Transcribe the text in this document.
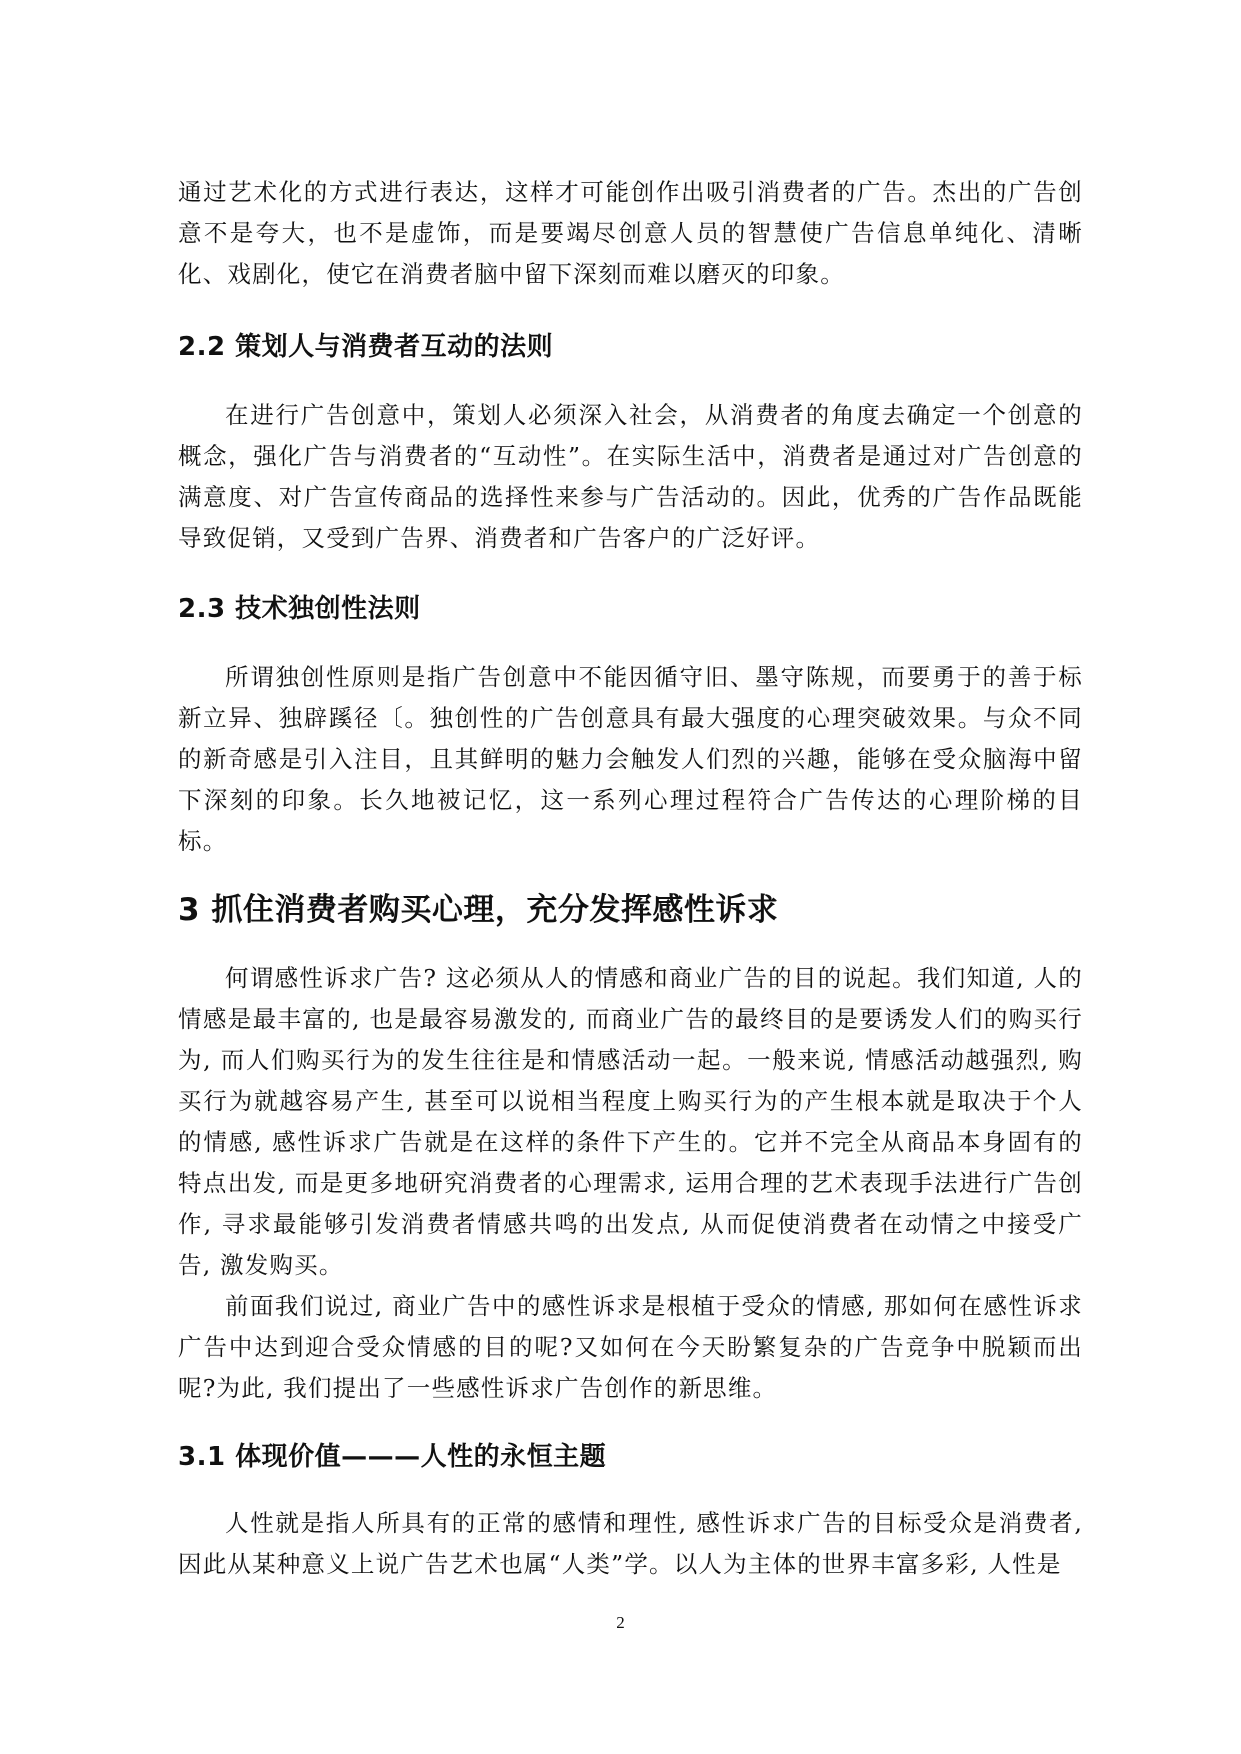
通过艺术化的方式进行表达，这样才可能创作出吸引消费者的广告。杰出的广告创意不是夸大，也不是虚饰，而是要竭尽创意人员的智慧使广告信息单纯化、清晰化、戏剧化，使它在消费者脑中留下深刻而难以磨灭的印象。

2.2 策划人与消费者互动的法则

在进行广告创意中，策划人必须深入社会，从消费者的角度去确定一个创意的概念，强化广告与消费者的“互动性”。在实际生活中，消费者是通过对广告创意的满意度、对广告宣传商品的选择性来参与广告活动的。因此，优秀的广告作品既能导致促销，又受到广告界、消费者和广告客户的广泛好评。

2.3 技术独创性法则

所谓独创性原则是指广告创意中不能因循守旧、墨守陈规，而要勇于的善于标新立异、独辟蹊径〔。独创性的广告创意具有最大强度的心理突破效果。与众不同的新奇感是引入注目，且其鲜明的魅力会触发人们烈的兴趣，能够在受众脑海中留下深刻的印象。长久地被记忆，这一系列心理过程符合广告传达的心理阶梯的目标。

3 抓住消费者购买心理，充分发挥感性诉求

何谓感性诉求广告? 这必须从人的情感和商业广告的目的说起。我们知道, 人的情感是最丰富的, 也是最容易激发的, 而商业广告的最终目的是要诱发人们的购买行为, 而人们购买行为的发生往往是和情感活动一起。一般来说, 情感活动越强烈, 购买行为就越容易产生, 甚至可以说相当程度上购买行为的产生根本就是取决于个人的情感, 感性诉求广告就是在这样的条件下产生的。它并不完全从商品本身固有的特点出发, 而是更多地研究消费者的心理需求, 运用合理的艺术表现手法进行广告创作, 寻求最能够引发消费者情感共鸣的出发点, 从而促使消费者在动情之中接受广告, 激发购买。

前面我们说过, 商业广告中的感性诉求是根植于受众的情感, 那如何在感性诉求广告中达到迎合受众情感的目的呢?又如何在今天盼繁复杂的广告竞争中脱颖而出呢?为此, 我们提出了一些感性诉求广告创作的新思维。

3.1 体现价值———人性的永恒主题

人性就是指人所具有的正常的感情和理性, 感性诉求广告的目标受众是消费者, 因此从某种意义上说广告艺术也属“人类”学。以人为主体的世界丰富多彩, 人性是

2
